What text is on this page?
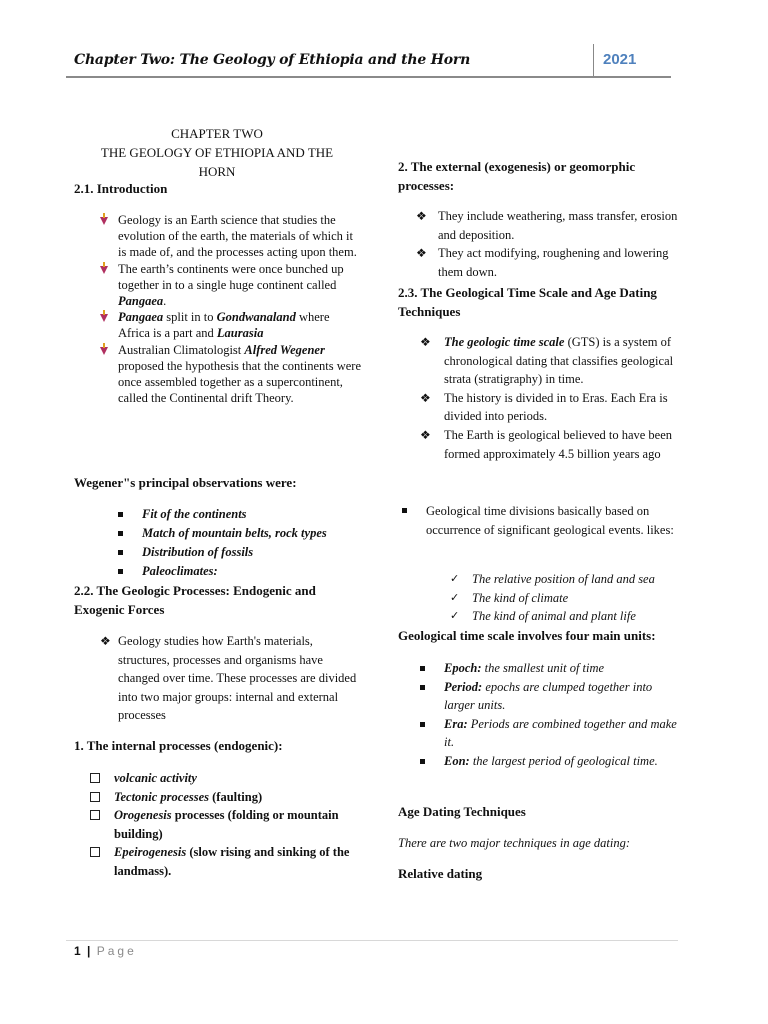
Chapter Two: The Geology of Ethiopia and the Horn	2021
CHAPTER TWO
THE GEOLOGY OF ETHIOPIA AND THE
HORN
2.1. Introduction
Geology is an Earth science that studies the evolution of the earth, the materials of which it is made of, and the processes acting upon them.
The earth’s continents were once bunched up together in to a single huge continent called Pangaea.
Pangaea split in to Gondwanaland where Africa is a part and Laurasia
Australian Climatologist Alfred Wegener proposed the hypothesis that the continents were once assembled together as a supercontinent, called the Continental drift Theory.
Wegener"s principal observations were:
Fit of the continents
Match of mountain belts, rock types
Distribution of fossils
Paleoclimates:
2.2. The Geologic Processes: Endogenic and
Exogenic Forces
❖ Geology studies how Earth's materials, structures, processes and organisms have changed over time. These processes are divided into two major groups: internal and external processes
1. The internal processes (endogenic):
volcanic activity
Tectonic processes (faulting)
Orogenesis processes (folding or mountain building)
Epeirogenesis (slow rising and sinking of the landmass).
2. The external (exogenesis) or geomorphic processes:
❖ They include weathering, mass transfer, erosion and deposition.
❖ They act modifying, roughening and lowering them down.
2.3. The Geological Time Scale and Age Dating
Techniques
❖ The geologic time scale (GTS) is a system of chronological dating that classifies geological strata (stratigraphy) in time.
❖ The history is divided in to Eras. Each Era is divided into periods.
❖ The Earth is geological believed to have been formed approximately 4.5 billion years ago
Geological time divisions basically based on occurrence of significant geological events. likes:
✓ The relative position of land and sea
✓ The kind of climate
✓ The kind of animal and plant life
Geological time scale involves four main units:
Epoch: the smallest unit of time
Period: epochs are clumped together into larger units.
Era: Periods are combined together and make it.
Eon: the largest period of geological time.
Age Dating Techniques
There are two major techniques in age dating:
Relative dating
1 | Page
